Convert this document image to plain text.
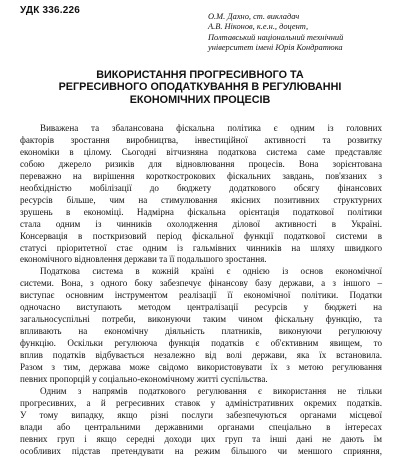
УДК 336.226
О.М. Дахно, ст. викладач
А.В. Ніконов, к.е.н., доцент,
Полтавський національний технічний
університет імені Юрія Кондратюка
ВИКОРИСТАННЯ ПРОГРЕСИВНОГО ТА
РЕГРЕСИВНОГО ОПОДАТКУВАННЯ В РЕГУЛЮВАННІ
ЕКОНОМІЧНИХ ПРОЦЕСІВ

Виважена та збалансована фіскальна політика є одним із головних
факторів зростання виробництва, інвестиційної активності та розвитку
економіки в цілому. Сьогодні вітчизняна податкова система саме представляє
собою джерело ризиків для відновлювання процесів. Вона зорієнтована
переважно на вирішення короткострокових фіскальних завдань, пов'язаних з
необхідністю мобілізації до бюджету додаткового обсягу фінансових
ресурсів більше, чим на стимулювання якісних позитивних структурних
зрушень в економіці. Надмірна фіскальна орієнтація податкової політики
стала одним із чинників охолодження ділової активності в Україні.
Консервація в посткризовий період фіскальної функції податкової системи в
статусі пріоритетної стає одним із гальмівних чинників на шляху швидкого
економічного відновлення держави та її подальшого зростання.

Податкова система в кожній країні є однією із основ економічної
системи. Вона, з одного боку забезпечує фінансову базу держави, а з іншого –
виступає основним інструментом реалізації її економічної політики. Податки
одночасно виступають методом централізації ресурсів у бюджеті на
загальносуспільні потреби, виконуючи таким чином фіскальну функцію, та
впливають на економічну діяльність платників, виконуючи регулюючу
функцію. Оскільки регулююча функція податків є об'єктивним явищем, то
вплив податків відбувається незалежно від волі держави, яка їх встановила.
Разом з тим, держава може свідомо використовувати їх з метою регулювання
певних пропорцій у соціально-економічному житті суспільства.

Одним з напрямів податкового регулювання є використання не тільки
прогресивних, а й регресивних ставок у адміністративних окремих податків.
У тому випадку, якщо різні послуги забезпечуються органами місцевої
влади або центральними державними органами спеціально в інтересах
певних груп і якщо середні доходи цих груп та інші дані не дають їм
особливих підстав претендувати на режим більшого чи меншого сприяння,
